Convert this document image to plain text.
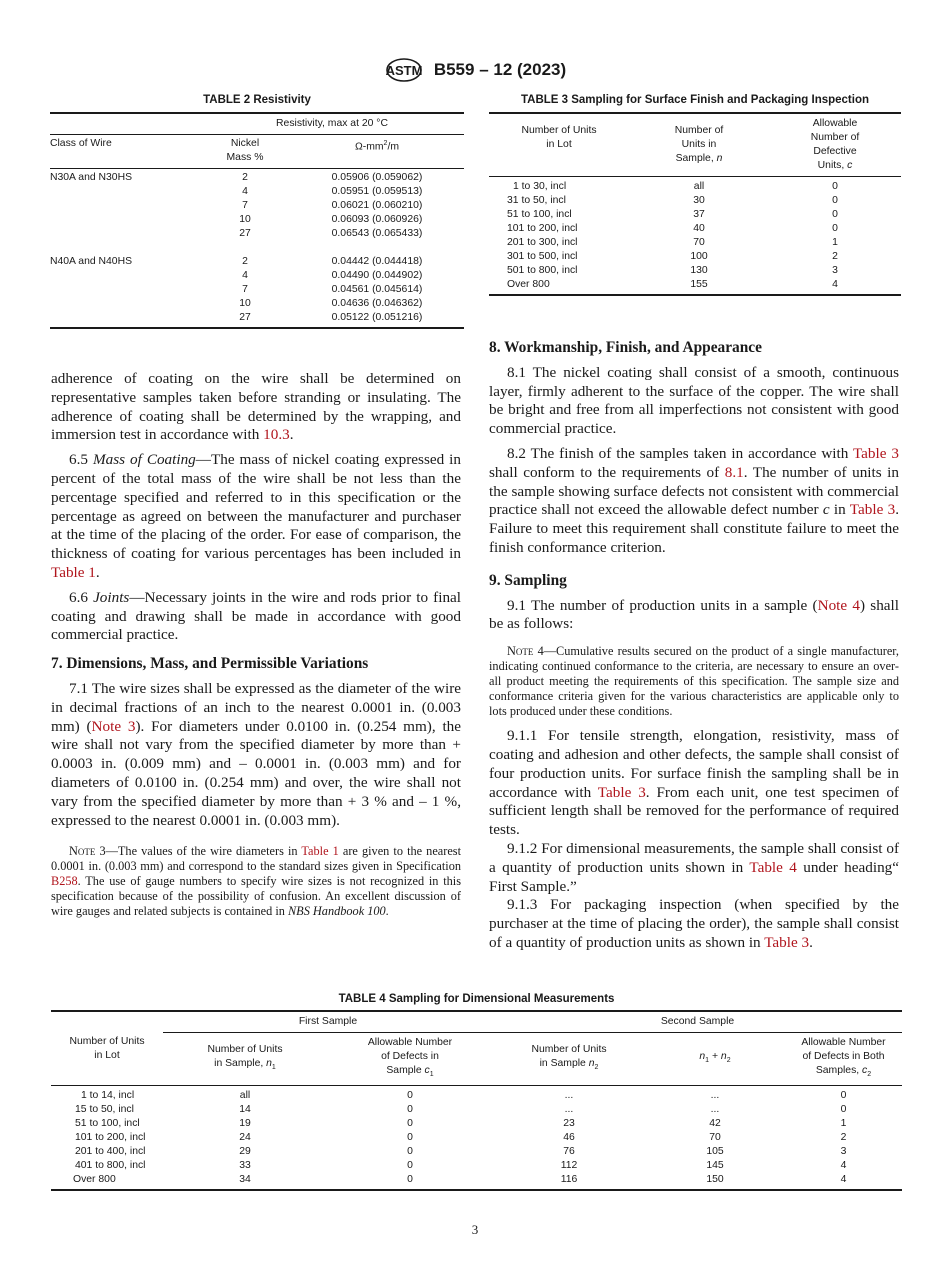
ASTM B559 – 12 (2023)
TABLE 2 Resistivity
	Resistivity, max at 20 °C	
Class of Wire	Nickel
Mass %	$\Omega-mm^2/m$
N30A and N30HS	2	0.05906 (0.059062)
	4	0.05951 (0.059513)
	7	0.06021 (0.060210)
	10	0.06093 (0.060926)
	27	0.06543 (0.065433)
N40A and N40HS	2	0.04442 (0.044418)
	4	0.04490 (0.044902)
	7	0.04561 (0.045614)
	10	0.04636 (0.046362)
	27	0.05122 (0.051216)
TABLE 3 Sampling for Surface Finish and Packaging Inspection
Number of Units
in Lot

Number of
Units in
Sample, n

Allowable
Number of
Defective
Units, c

1 to 30, incl	all	0
31 to 50, incl	30	0
51 to 100, incl	37	0
101 to 200, incl	40	0
201 to 300, incl	70	1
301 to 500, incl	100	2
501 to 800, incl	130	3
Over 800	155	4

adherence of coating on the wire shall be determined on representative samples taken before stranding or insulating. The adherence of coating shall be determined by the wrapping, and immersion test in accordance with 10.3.

6.5 Mass of Coating—The mass of nickel coating expressed in percent of the total mass of the wire shall be not less than the percentage specified and referred to in this specification or the percentage as agreed on between the manufacturer and purchaser at the time of the placing of the order. For ease of comparison, the thickness of coating for various percentages has been included in Table 1.

6.6 Joints—Necessary joints in the wire and rods prior to final coating and drawing shall be made in accordance with good commercial practice.

7. Dimensions, Mass, and Permissible Variations

7.1 The wire sizes shall be expressed as the diameter of the wire in decimal fractions of an inch to the nearest 0.0001 in. (0.003 mm) (Note 3). For diameters under 0.0100 in. (0.254 mm), the wire shall not vary from the specified diameter by more than + 0.0003 in. (0.009 mm) and – 0.0001 in. (0.003 mm) and for diameters of 0.0100 in. (0.254 mm) and over, the wire shall not vary from the specified diameter by more than + 3 % and – 1 %, expressed to the nearest 0.0001 in. (0.003 mm).

Note 3—The values of the wire diameters in Table 1 are given to the nearest 0.0001 in. (0.003 mm) and correspond to the standard sizes given in Specification B258. The use of gauge numbers to specify wire sizes is not recognized in this specification because of the possibility of confusion. An excellent discussion of wire gauges and related subjects is contained in NBS Handbook 100.
8. Workmanship, Finish, and Appearance

8.1 The nickel coating shall consist of a smooth, continuous layer, firmly adherent to the surface of the copper. The wire shall be bright and free from all imperfections not consistent with good commercial practice.

8.2 The finish of the samples taken in accordance with Table 3 shall conform to the requirements of 8.1. The number of units in the sample showing surface defects not consistent with commercial practice shall not exceed the allowable defect number c in Table 3. Failure to meet this requirement shall constitute failure to meet the finish conformance criterion.

9. Sampling

9.1 The number of production units in a sample (Note 4) shall be as follows:

Note 4—Cumulative results secured on the product of a single manufacturer, indicating continued conformance to the criteria, are necessary to ensure an over-all product meeting the requirements of this specification. The sample size and conformance criteria given for the various characteristics are applicable only to lots produced under these conditions.

9.1.1 For tensile strength, elongation, resistivity, mass of coating and adhesion and other defects, the sample shall consist of four production units. For surface finish the sampling shall be in accordance with Table 3. From each unit, one test specimen of sufficient length shall be removed for the performance of required tests.

9.1.2 For dimensional measurements, the sample shall consist of a quantity of production units shown in Table 4 under heading“ First Sample.”

9.1.3 For packaging inspection (when specified by the purchaser at the time of placing the order), the sample shall consist of a quantity of production units as shown in Table 3.

TABLE 4 Sampling for Dimensional Measurements
Number of Units
in Lot	First Sample		Second Sample		

Number of Units
in Sample, $n_1$

Allowable Number
of Defects in
Sample $c_1$

Number of Units
in Sample $n_2$
	$n_1 + n_2$	
Allowable Number
of Defects in Both
Samples, $c_2$

1 to 14, incl	all	0	...	...	0
15 to 50, incl	14	0	...	...	0
51 to 100, incl	19	0	23	42	1
101 to 200, incl	24	0	46	70	2
201 to 400, incl	29	0	76	105	3
401 to 800, incl	33	0	112	145	4
Over 800	34	0	116	150	4
3
